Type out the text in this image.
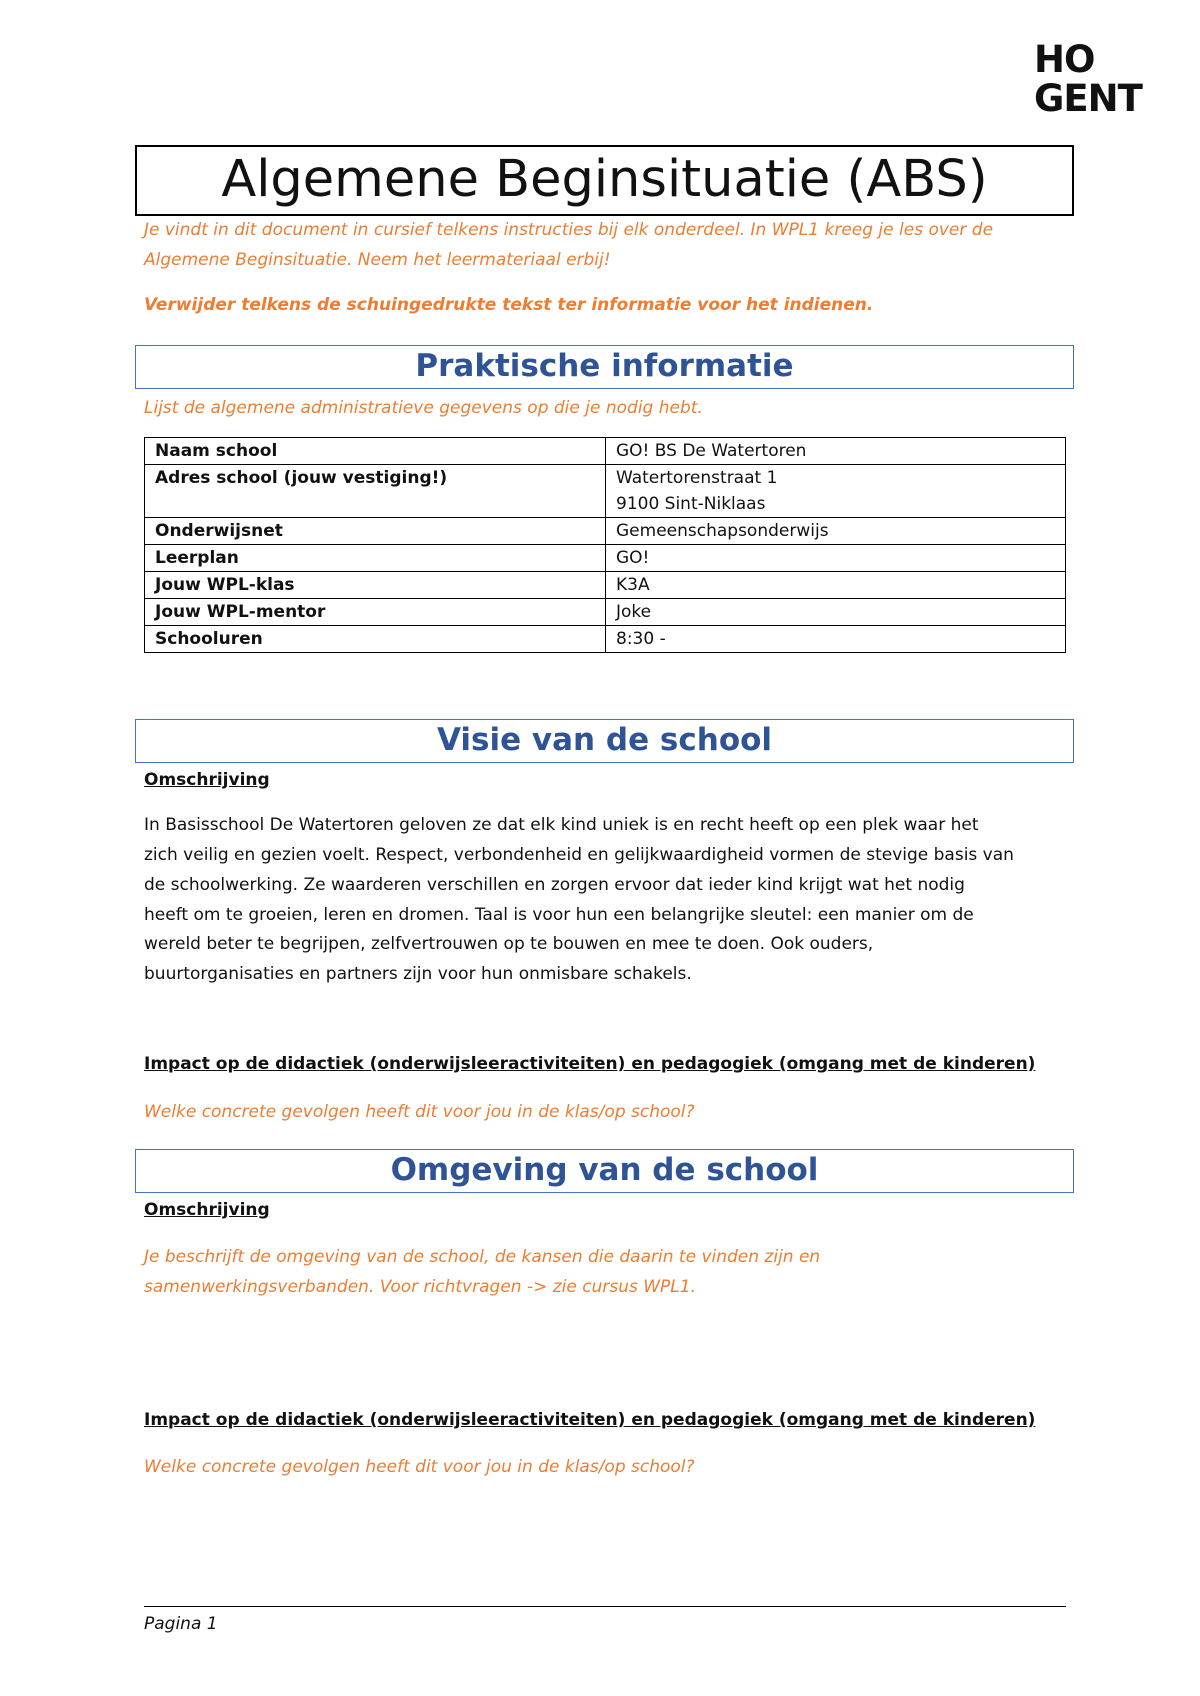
HO
GENT
Algemene Beginsituatie (ABS)
Je vindt in dit document in cursief telkens instructies bij elk onderdeel. In WPL1 kreeg je les over de
Algemene Beginsituatie. Neem het leermateriaal erbij!
Verwijder telkens de schuingedrukte tekst ter informatie voor het indienen.
Praktische informatie
Lijst de algemene administratieve gegevens op die je nodig hebt.
Naam school	GO! BS De Watertoren
Adres school (jouw vestiging!)	Watertorenstraat 1
9100 Sint-Niklaas

Onderwijsnet	Gemeenschapsonderwijs
Leerplan	GO!
Jouw WPL-klas	K3A
Jouw WPL-mentor	Joke
Schooluren	8:30 -
Visie van de school
Omschrijving
In Basisschool De Watertoren geloven ze dat elk kind uniek is en recht heeft op een plek waar het
zich veilig en gezien voelt. Respect, verbondenheid en gelijkwaardigheid vormen de stevige basis van
de schoolwerking. Ze waarderen verschillen en zorgen ervoor dat ieder kind krijgt wat het nodig
heeft om te groeien, leren en dromen. Taal is voor hun een belangrijke sleutel: een manier om de
wereld beter te begrijpen, zelfvertrouwen op te bouwen en mee te doen. Ook ouders,
buurtorganisaties en partners zijn voor hun onmisbare schakels.
Impact op de didactiek (onderwijsleeractiviteiten) en pedagogiek (omgang met de kinderen)
Welke concrete gevolgen heeft dit voor jou in de klas/op school?
Omgeving van de school
Omschrijving
Je beschrijft de omgeving van de school, de kansen die daarin te vinden zijn en
samenwerkingsverbanden. Voor richtvragen -> zie cursus WPL1.
Impact op de didactiek (onderwijsleeractiviteiten) en pedagogiek (omgang met de kinderen)
Welke concrete gevolgen heeft dit voor jou in de klas/op school?
Pagina 1
